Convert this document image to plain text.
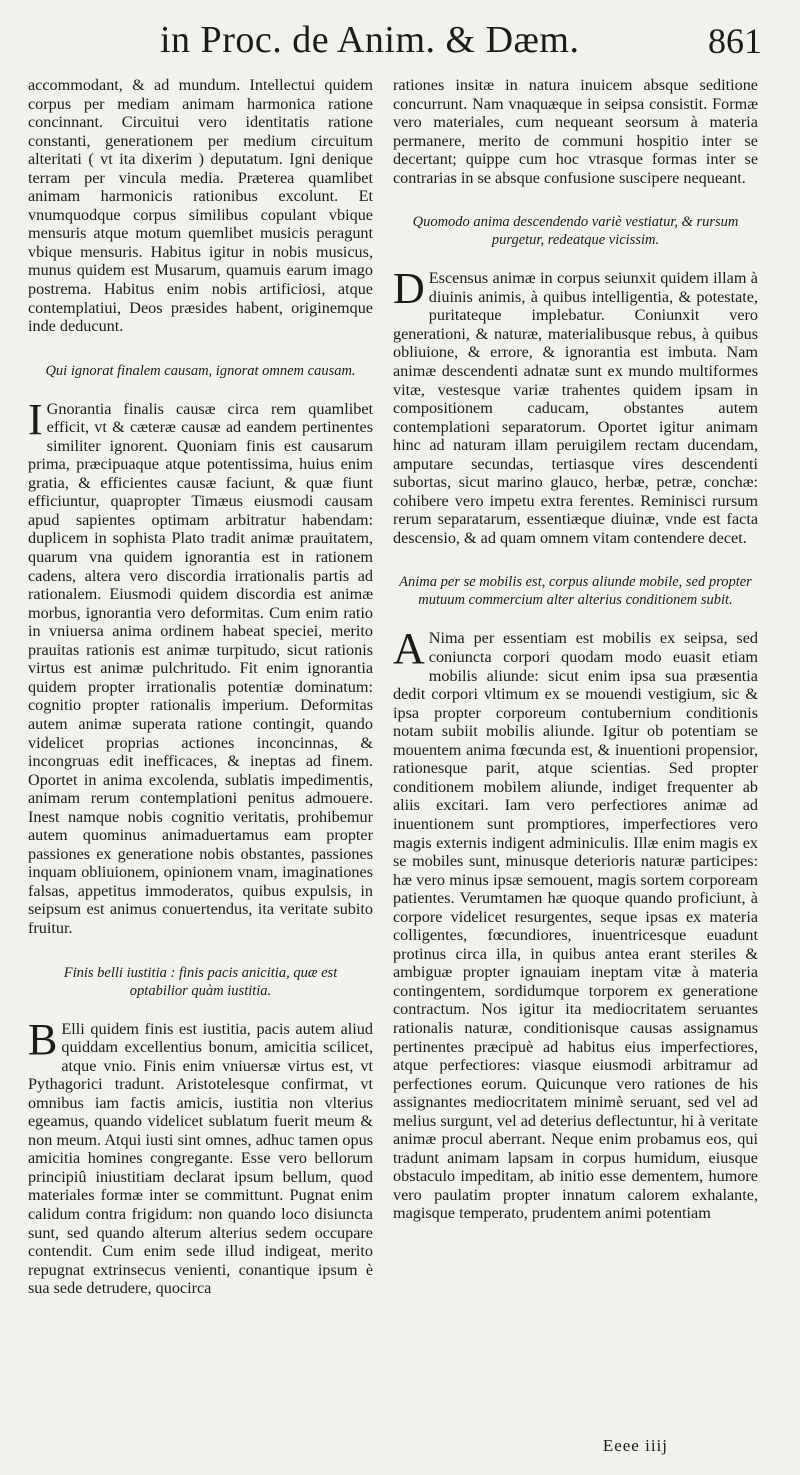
in Proc. de Anim. & Dæm.	861

accommodant, & ad mundum. Intellectui quidem corpus per mediam animam harmonica ratione concinnant. Circuitui vero identitatis ratione constanti, generationem per medium circuitum alteritati ( vt ita dixerim ) deputatum. Igni denique terram per vincula media. Præterea quamlibet animam harmonicis rationibus excolunt. Et vnumquodque corpus similibus copulant vbique mensuris atque motum quemlibet musicis peragunt vbique mensuris. Habitus igitur in nobis musicus, munus quidem est Musarum, quamuis earum imago postrema. Habitus enim nobis artificiosi, atque contemplatiui, Deos præsides habent, originemque inde deducunt.

Qui ignorat finalem causam, ignorat omnem causam.

I Gnorantia finalis causæ circa rem quamlibet efficit, vt & cæteræ causæ ad eandem pertinentes similiter ignorent. Quoniam finis est causarum prima, præcipuaque atque potentissima, huius enim gratia, & efficientes causæ faciunt, & quæ fiunt efficiuntur, quapropter Timæus eiusmodi causam apud sapientes optimam arbitratur habendam: duplicem in sophista Plato tradit animæ prauitatem, quarum vna quidem ignorantia est in rationem cadens, altera vero discordia irrationalis partis ad rationalem. Eiusmodi quidem discordia est animæ morbus, ignorantia vero deformitas. Cum enim ratio in vniuersa anima ordinem habeat speciei, merito prauitas rationis est animæ turpitudo, sicut rationis virtus est animæ pulchritudo. Fit enim ignorantia quidem propter irrationalis potentiæ dominatum: cognitio propter rationalis imperium. Deformitas autem animæ superata ratione contingit, quando videlicet proprias actiones inconcinnas, & incongruas edit inefficaces, & ineptas ad finem. Oportet in anima excolenda, sublatis impedimentis, animam rerum contemplationi penitus admouere. Inest namque nobis cognitio veritatis, prohibemur autem quominus animaduertamus eam propter passiones ex generatione nobis obstantes, passiones inquam obliuionem, opinionem vnam, imaginationes falsas, appetitus immoderatos, quibus expulsis, in seipsum est animus conuertendus, ita veritate subito fruitur.

Finis belli iustitia : finis pacis anicitia, quæ est optabilior quàm iustitia.

B Elli quidem finis est iustitia, pacis autem aliud quiddam excellentius bonum, amicitia scilicet, atque vnio. Finis enim vniuersæ virtus est, vt Pythagorici tradunt. Aristotelesque confirmat, vt omnibus iam factis amicis, iustitia non vlterius egeamus, quando videlicet sublatum fuerit meum & non meum. Atqui iusti sint omnes, adhuc tamen opus amicitia homines congregante. Esse vero bellorum principiû iniustitiam declarat ipsum bellum, quod materiales formæ inter se committunt. Pugnat enim calidum contra frigidum: non quando loco disiuncta sunt, sed quando alterum alterius sedem occupare contendit. Cum enim sede illud indigeat, merito repugnat extrinsecus venienti, conantique ipsum è sua sede detrudere, quocirca

rationes insitæ in natura inuicem absque seditione concurrunt. Nam vnaquæque in seipsa consistit. Formæ vero materiales, cum nequeant seorsum à materia permanere, merito de communi hospitio inter se decertant; quippe cum hoc vtrasque formas inter se contrarias in se absque confusione suscipere nequeant.

Quomodo anima descendendo variè vestiatur, & rursum purgetur, redeatque vicissim.

D Escensus animæ in corpus seiunxit quidem illam à diuinis animis, à quibus intelligentia, & potestate, puritateque implebatur. Coniunxit vero generationi, & naturæ, materialibusque rebus, à quibus obliuione, & errore, & ignorantia est imbuta. Nam animæ descendenti adnatæ sunt ex mundo multiformes vitæ, vestesque variæ trahentes quidem ipsam in compositionem caducam, obstantes autem contemplationi separatorum. Oportet igitur animam hinc ad naturam illam peruigilem rectam ducendam, amputare secundas, tertiasque vires descendenti subortas, sicut marino glauco, herbæ, petræ, conchæ: cohibere vero impetu extra ferentes. Reminisci rursum rerum separatarum, essentiæque diuinæ, vnde est facta descensio, & ad quam omnem vitam contendere decet.

Anima per se mobilis est, corpus aliunde mobile, sed propter mutuum commercium alter alterius conditionem subit.

A Nima per essentiam est mobilis ex seipsa, sed coniuncta corpori quodam modo euasit etiam mobilis aliunde: sicut enim ipsa sua præsentia dedit corpori vltimum ex se mouendi vestigium, sic & ipsa propter corporeum contubernium conditionis notam subiit mobilis aliunde. Igitur ob potentiam se mouentem anima fœcunda est, & inuentioni propensior, rationesque parit, atque scientias. Sed propter conditionem mobilem aliunde, indiget frequenter ab aliis excitari. Iam vero perfectiores animæ ad inuentionem sunt promptiores, imperfectiores vero magis externis indigent adminiculis. Illæ enim magis ex se mobiles sunt, minusque deterioris naturæ participes: hæ vero minus ipsæ semouent, magis sortem corpoream patientes. Verumtamen hæ quoque quando proficiunt, à corpore videlicet resurgentes, seque ipsas ex materia colligentes, fœcundiores, inuentricesque euadunt protinus circa illa, in quibus antea erant steriles & ambiguæ propter ignauiam ineptam vitæ à materia contingentem, sordidumque torporem ex generatione contractum. Nos igitur ita mediocritatem seruantes rationalis naturæ, conditionisque causas assignamus pertinentes præcipuè ad habitus eius imperfectiores, atque perfectiores: viasque eiusmodi arbitramur ad perfectiones eorum. Quicunque vero rationes de his assignantes mediocritatem minimè seruant, sed vel ad melius surgunt, vel ad deterius deflectuntur, hi à veritate animæ procul aberrant. Neque enim probamus eos, qui tradunt animam lapsam in corpus humidum, eiusque obstaculo impeditam, ab initio esse dementem, humore vero paulatim propter innatum calorem exhalante, magisque temperato, prudentem animi potentiam

Eeee iiij
